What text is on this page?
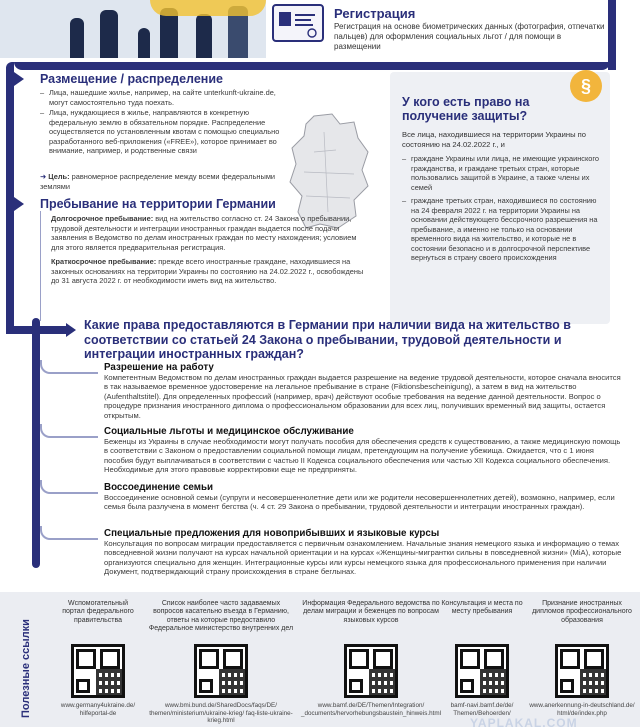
Регистрация
Регистрация на основе биометрических данных (фотография, отпечатки пальцев) для оформления социальных льгот / для помощи в размещении
Размещение / распределение
– Лица, нашедшие жилье, например, на сайте unterkunft-ukraine.de, могут самостоятельно туда поехать.
– Лица, нуждающиеся в жилье, направляются в конкретную федеральную землю в обязательном порядке. Распределение осуществляется по установленным квотам с помощью специально разработанного веб-приложения («FREE»), которое принимает во внимание, например, и родственные связи
➜ Цель: равномерное распределение между всеми федеральными землями
Пребывание на территории Германии
Долгосрочное пребывание: вид на жительство согласно ст. 24 Закона о пребывании, трудовой деятельности и интеграции иностранных граждан выдается после подачи заявления в Ведомство по делам иностранных граждан по месту нахождения; условием для этого является предварительная регистрация.
Краткосрочное пребывание: прежде всего иностранные граждане, находившиеся на законных основаниях на территории Украины по состоянию на 24.02.2022 г., освобождены до 31 августа 2022 г. от необходимости иметь вид на жительство.
§
У кого есть право на получение защиты?
Все лица, находившиеся на территории Украины по состоянию на 24.02.2022 г., и
– граждане Украины или лица, не имеющие украинского гражданства, и граждане третьих стран, которые пользовались защитой в Украине, а также члены их семей
– граждане третьих стран, находившиеся по состоянию на 24 февраля 2022 г. на территории Украины на основании действующего бессрочного разрешения на пребывание, а именно не только на основании временного вида на жительство, и которые не в состоянии безопасно и в долгосрочной перспективе вернуться в страну своего происхождения
Какие права предоставляются в Германии при наличии вида на жительство в соответствии со статьей 24 Закона о пребывании, трудовой деятельности и интеграции иностранных граждан?
Разрешение на работу
Компетентным Ведомством по делам иностранных граждан выдается разрешение на ведение трудовой деятельности, которое сначала вносится в так называемое временное удостоверение на легальное пребывание в стране (Fiktionsbescheinigung), а затем в вид на жительство (Aufenthaltstitel). Для определенных профессий (например, врач) действуют особые требования на ведение данной деятельности. Вопрос о процедуре признания иностранного диплома о профессиональном образовании для всех лиц, получивших временный вид защиты, остается открытым.
Социальные льготы и медицинское обслуживание
Беженцы из Украины в случае необходимости могут получать пособия для обеспечения средств к существованию, а также медицинскую помощь в соответствии с Законом о предоставлении социальной помощи лицам, претендующим на получение убежища. Ожидается, что с 1 июня пособия будут выплачиваться в соответствии с частью II Кодекса социального обеспечения или частью XII Кодекса социального обеспечения. Необходимые для этого правовые корректировки еще не предприняты.
Воссоединение семьи
Воссоединение основной семьи (супруги и несовершеннолетние дети или же родители несовершеннолетних детей), возможно, например, если семья была разлучена в момент бегства (ч. 4 ст. 29 Закона о пребывании, трудовой деятельности и интеграции иностранных граждан).
Специальные предложения для новоприбывших и языковые курсы
Консультация по вопросам миграции предоставляется с первичным ознакомлением. Начальные знания немецкого языка и информацию о темах повседневной жизни получают на курсах начальной ориентации и на курсах «Женщины-мигрантки сильны в повседневной жизни» (MiA), которые организуются специально для женщин. Интеграционные курсы или курсы немецкого языка для профессионального применения при наличии Документ, подтверждающий страну происхождения в стране беглынах.
Полезные ссылки
Wспомогательный портал федерального правительства
www.germany4ukraine.de/ hilfeportal-de
Список наиболее часто задаваемых вопросов касательно въезда в Германию, ответы на которые предоставило Федеральное министерство внутренних дел
www.bmi.bund.de/SharedDocs/faqs/DE/ themen/ministerium/ukraine-krieg/ faq-liste-ukraine-krieg.html
Информация Федерального ведомства по делам миграции и беженцев по вопросам языковых курсов
www.bamf.de/DE/Themen/Integration/ _documents/hervorhebungsbaustein_hinweis.html
Консультация и места по месту пребывания
bamf-navi.bamf.de/de/ Themen/Behoerden/
Признание иностранных дипломов профессионального образования
www.anerkennung-in-deutschland.de/ html/de/index.php
YAPLAKAL.COM
